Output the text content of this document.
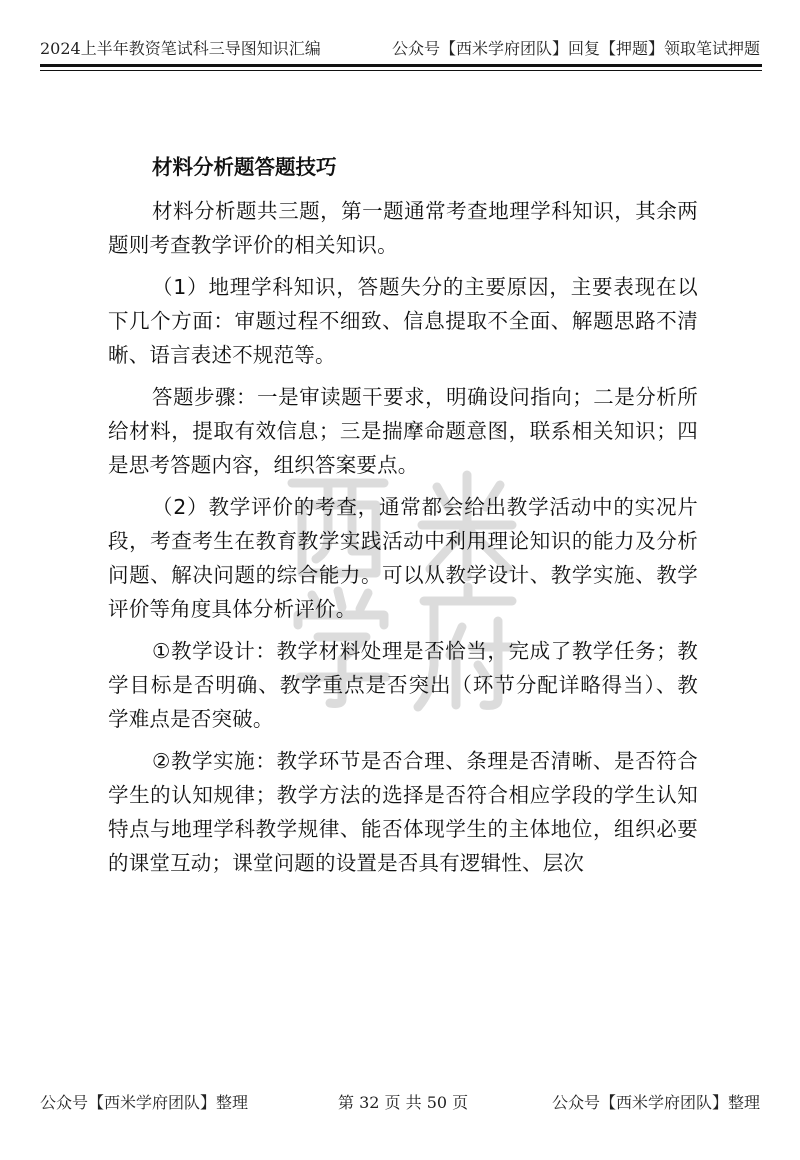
2024上半年教资笔试科三导图知识汇编	公众号【西米学府团队】回复【押题】领取笔试押题
材料分析题答题技巧

材料分析题共三题，第一题通常考查地理学科知识，其余两题则考查教学评价的相关知识。

（1）地理学科知识，答题失分的主要原因，主要表现在以下几个方面：审题过程不细致、信息提取不全面、解题思路不清晰、语言表述不规范等。

答题步骤：一是审读题干要求，明确设问指向；二是分析所给材料，提取有效信息；三是揣摩命题意图，联系相关知识；四是思考答题内容，组织答案要点。

（2）教学评价的考查，通常都会给出教学活动中的实况片段，考查考生在教育教学实践活动中利用理论知识的能力及分析问题、解决问题的综合能力。可以从教学设计、教学实施、教学评价等角度具体分析评价。

①教学设计：教学材料处理是否恰当，完成了教学任务；教学目标是否明确、教学重点是否突出（环节分配详略得当）、教学难点是否突破。

②教学实施：教学环节是否合理、条理是否清晰、是否符合学生的认知规律；教学方法的选择是否符合相应学段的学生认知特点与地理学科教学规律、能否体现学生的主体地位，组织必要的课堂互动；课堂问题的设置是否具有逻辑性、层次

公众号【西米学府团队】整理	第 32 页 共 50 页	公众号【西米学府团队】整理
